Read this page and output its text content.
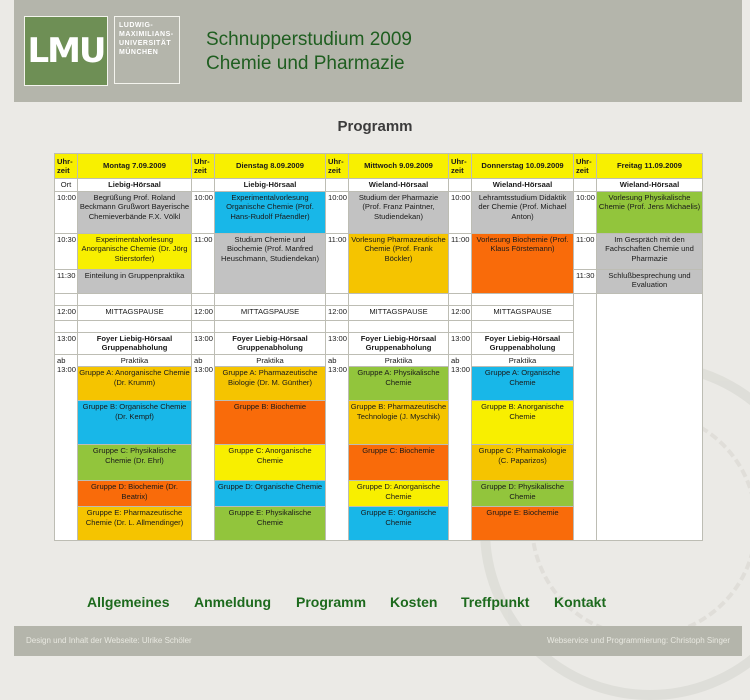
LMU
LUDWIG-
MAXIMILIANS-
UNIVERSITÄT
MÜNCHEN
Schnupperstudium 2009
Chemie und Pharmazie
Programm
Uhr-zeit	Montag 7.09.2009	Uhr-zeit	Dienstag 8.09.2009	Uhr-zeit	Mittwoch 9.09.2009	Uhr-zeit	Donnerstag 10.09.2009	Uhr-zeit	Freitag 11.09.2009
Ort	Liebig-Hörsaal		Liebig-Hörsaal		Wieland-Hörsaal		Wieland-Hörsaal		Wieland-Hörsaal
10:00	Begrüßung Prof. Roland Beckmann Grußwort Bayerische Chemieverbände F.X. Völkl	10:00	Experimentalvorlesung Organische Chemie (Prof. Hans-Rudolf Pfaendler)	10:00	Studium der Pharmazie (Prof. Franz Paintner, Studiendekan)	10:00	Lehramtsstudium Didaktik der Chemie (Prof. Michael Anton)	10:00	Vorlesung Physikalische Chemie (Prof. Jens Michaelis)
10:30	Experimentalvorlesung Anorganische Chemie (Dr. Jörg Stierstorfer)	11:00	Studium Chemie und Biochemie (Prof. Manfred Heuschmann, Studiendekan)	11:00	Vorlesung Pharmazeutische Chemie (Prof. Frank Böckler)	11:00	Vorlesung Biochemie (Prof. Klaus Förstemann)	11:00	Im Gespräch mit den Fachschaften Chemie und Pharmazie
11:30	Einteilung in Gruppenpraktika							11:30	Schlußbesprechung und Evaluation

12:00	MITTAGSPAUSE	12:00	MITTAGSPAUSE	12:00	MITTAGSPAUSE	12:00	MITTAGSPAUSE		

13:00	Foyer Liebig-Hörsaal Gruppenabholung	13:00	Foyer Liebig-Hörsaal Gruppenabholung	13:00	Foyer Liebig-Hörsaal Gruppenabholung	13:00	Foyer Liebig-Hörsaal Gruppenabholung		
ab 13:00	Praktika	ab 13:00	Praktika	ab 13:00	Praktika	ab 13:00	Praktika		
	Gruppe A: Anorganische Chemie (Dr. Krumm)		Gruppe A: Pharmazeutische Biologie (Dr. M. Günther)		Gruppe A: Physikalische Chemie		Gruppe A: Organische Chemie		
	Gruppe B: Organische Chemie (Dr. Kempf)		Gruppe B: Biochemie		Gruppe B: Pharmazeutische Technologie (J. Myschik)		Gruppe B: Anorganische Chemie		
	Gruppe C: Physikalische Chemie (Dr. Ehrl)		Gruppe C: Anorganische Chemie		Gruppe C: Biochemie		Gruppe C: Pharmakologie (C. Paparizos)		
	Gruppe D: Biochemie (Dr. Beatrix)		Gruppe D: Organische Chemie		Gruppe D: Anorganische Chemie		Gruppe D: Physikalische Chemie		
	Gruppe E: Pharmazeutische Chemie (Dr. L. Allmendinger)		Gruppe E: Physikalische Chemie		Gruppe E: Organische Chemie		Gruppe E: Biochemie		
Allgemeines Anmeldung Programm Kosten Treffpunkt Kontakt
Design und Inhalt der Webseite: Ulrike Schöler	Webservice und Programmierung: Christoph Singer
